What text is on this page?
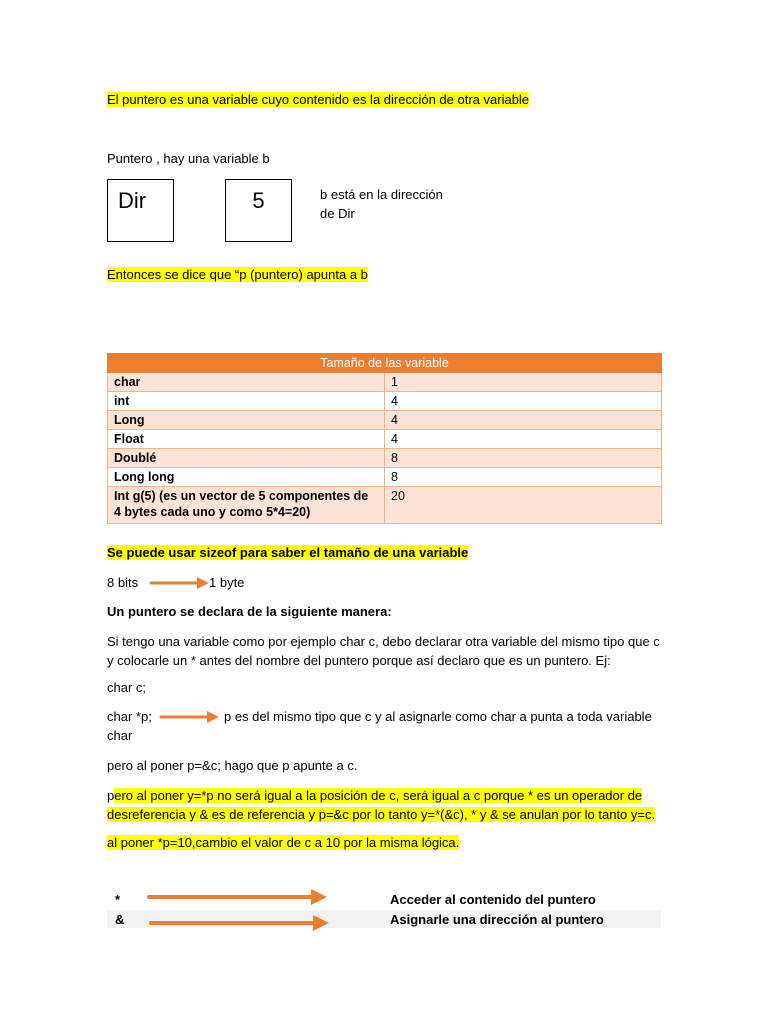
El puntero es una variable cuyo contenido es la dirección de otra variable
Puntero , hay una variable b
Dir	5	b está en la dirección
de Dir
Entonces se dice que “p (puntero) apunta a b
Tamaño de las variable	
char	1
int	4
Long	4
Float	4
Doublé	8
Long long	8
Int g(5) (es un vector de 5 componentes de 4 bytes cada uno y como 5*4=20)	20
Se puede usar sizeof para saber el tamaño de una variable
8 bits	1 byte
Un puntero se declara de la siguiente manera:
Si tengo una variable como por ejemplo char c, debo declarar otra variable del mismo tipo que c y colocarle un * antes del nombre del puntero porque así declaro que es un puntero. Ej:
char c;
char *p;	p es del mismo tipo que c y al asignarle como char a punta a toda variable
char
pero al poner p=&c; hago que p apunte a c.
pero al poner y=*p no será igual a la posición de c, será igual a c porque * es un operador de
desreferencia y & es de referencia y p=&c por lo tanto y=*(&c), * y & se anulan por lo tanto y=c.
al poner *p=10,cambio el valor de c a 10 por la misma lógica.
*	Acceder al contenido del puntero
&	Asignarle una dirección al puntero
